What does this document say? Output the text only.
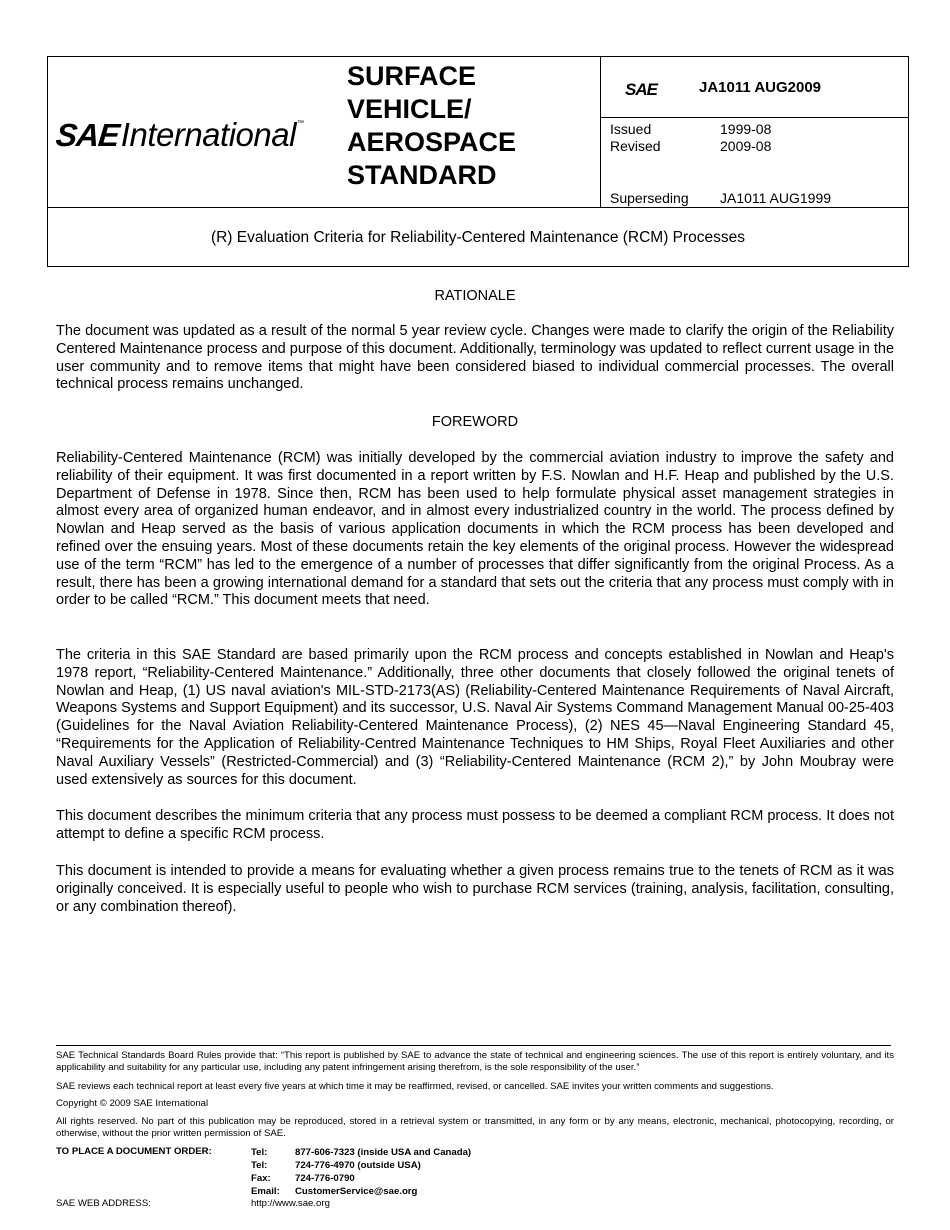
SAE International ™
SURFACE
VEHICLE/
AEROSPACE
STANDARD
SAE	JA1011 AUG2009
Issued	1999-08
Revised	2009-08
Superseding JA1011 AUG1999
(R) Evaluation Criteria for Reliability-Centered Maintenance (RCM) Processes
RATIONALE

The document was updated as a result of the normal 5 year review cycle. Changes were made to clarify the origin of the Reliability Centered Maintenance process and purpose of this document. Additionally, terminology was updated to reflect current usage in the user community and to remove items that might have been considered biased to individual commercial processes. The overall technical process remains unchanged.

FOREWORD

Reliability-Centered Maintenance (RCM) was initially developed by the commercial aviation industry to improve the safety and reliability of their equipment. It was first documented in a report written by F.S. Nowlan and H.F. Heap and published by the U.S. Department of Defense in 1978. Since then, RCM has been used to help formulate physical asset management strategies in almost every area of organized human endeavor, and in almost every industrialized country in the world. The process defined by Nowlan and Heap served as the basis of various application documents in which the RCM process has been developed and refined over the ensuing years. Most of these documents retain the key elements of the original process. However the widespread use of the term “RCM” has led to the emergence of a number of processes that differ significantly from the original Process. As a result, there has been a growing international demand for a standard that sets out the criteria that any process must comply with in order to be called “RCM.” This document meets that need.

The criteria in this SAE Standard are based primarily upon the RCM process and concepts established in Nowlan and Heap's 1978 report, “Reliability-Centered Maintenance.” Additionally, three other documents that closely followed the original tenets of Nowlan and Heap, (1) US naval aviation's MIL-STD-2173(AS) (Reliability-Centered Maintenance Requirements of Naval Aircraft, Weapons Systems and Support Equipment) and its successor, U.S. Naval Air Systems Command Management Manual 00-25-403 (Guidelines for the Naval Aviation Reliability-Centered Maintenance Process), (2) NES 45—Naval Engineering Standard 45, “Requirements for the Application of Reliability-Centred Maintenance Techniques to HM Ships, Royal Fleet Auxiliaries and other Naval Auxiliary Vessels” (Restricted-Commercial) and (3) “Reliability-Centered Maintenance (RCM 2),” by John Moubray were used extensively as sources for this document.

This document describes the minimum criteria that any process must possess to be deemed a compliant RCM process. It does not attempt to define a specific RCM process.

This document is intended to provide a means for evaluating whether a given process remains true to the tenets of RCM as it was originally conceived. It is especially useful to people who wish to purchase RCM services (training, analysis, facilitation, consulting, or any combination thereof).

SAE Technical Standards Board Rules provide that: “This report is published by SAE to advance the state of technical and engineering sciences. The use of this report is entirely voluntary, and its applicability and suitability for any particular use, including any patent infringement arising therefrom, is the sole responsibility of the user.”

SAE reviews each technical report at least every five years at which time it may be reaffirmed, revised, or cancelled. SAE invites your written comments and suggestions.

Copyright © 2009 SAE International

All rights reserved. No part of this publication may be reproduced, stored in a retrieval system or transmitted, in any form or by any means, electronic, mechanical, photocopying, recording, or otherwise, without the prior written permission of SAE.

TO PLACE A DOCUMENT ORDER:	Tel:	877-606-7323 (inside USA and Canada)
Tel:	724-776-4970 (outside USA)
Fax:	724-776-0790
Email: CustomerService@sae.org
SAE WEB ADDRESS:	http://www.sae.org
